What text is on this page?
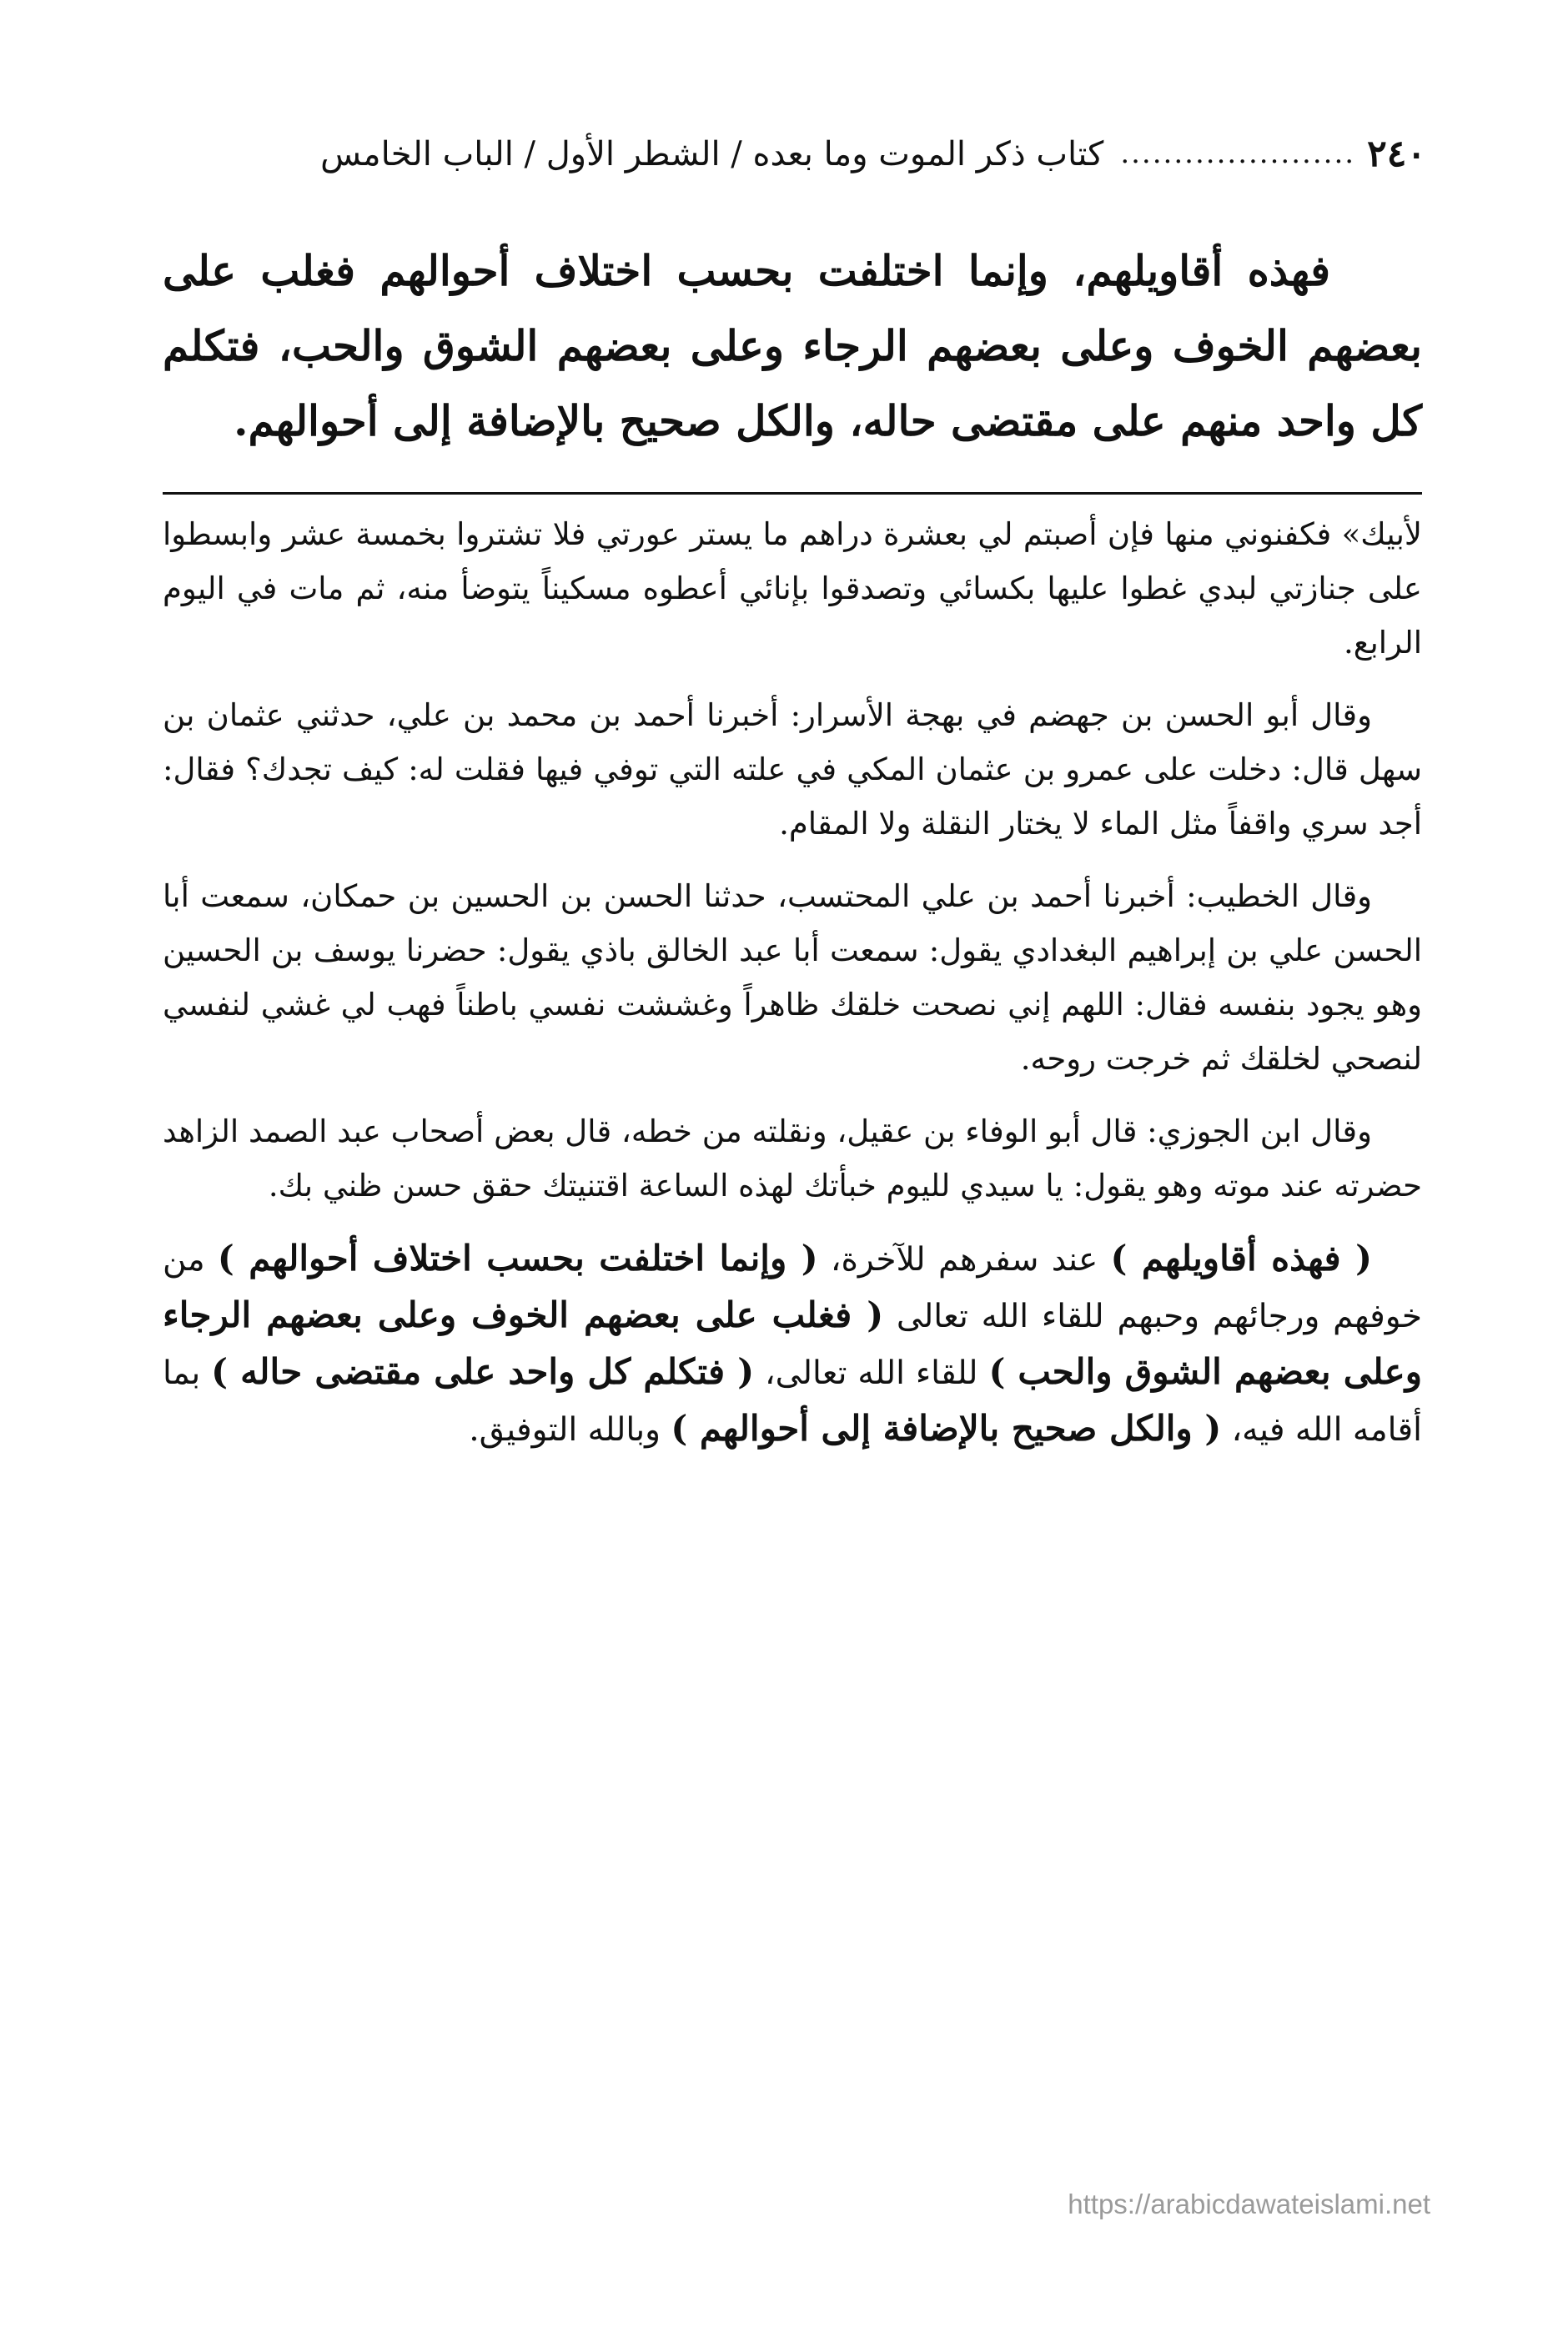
٢٤٠
......................
كتاب ذكر الموت وما بعده / الشطر الأول / الباب الخامس

فهذه أقاويلهم، وإنما اختلفت بحسب اختلاف أحوالهم فغلب على بعضهم الخوف وعلى بعضهم الرجاء وعلى بعضهم الشوق والحب، فتكلم كل واحد منهم على مقتضى حاله، والكل صحيح بالإضافة إلى أحوالهم.

لأبيك» فكفنوني منها فإن أصبتم لي بعشرة دراهم ما يستر عورتي فلا تشتروا بخمسة عشر وابسطوا على جنازتي لبدي غطوا عليها بكسائي وتصدقوا بإنائي أعطوه مسكيناً يتوضأ منه، ثم مات في اليوم الرابع.

وقال أبو الحسن بن جهضم في بهجة الأسرار: أخبرنا أحمد بن محمد بن علي، حدثني عثمان بن سهل قال: دخلت على عمرو بن عثمان المكي في علته التي توفي فيها فقلت له: كيف تجدك؟ فقال: أجد سري واقفاً مثل الماء لا يختار النقلة ولا المقام.

وقال الخطيب: أخبرنا أحمد بن علي المحتسب، حدثنا الحسن بن الحسين بن حمكان، سمعت أبا الحسن علي بن إبراهيم البغدادي يقول: سمعت أبا عبد الخالق باذي يقول: حضرنا يوسف بن الحسين وهو يجود بنفسه فقال: اللهم إني نصحت خلقك ظاهراً وغششت نفسي باطناً فهب لي غشي لنفسي لنصحي لخلقك ثم خرجت روحه.

وقال ابن الجوزي: قال أبو الوفاء بن عقيل، ونقلته من خطه، قال بعض أصحاب عبد الصمد الزاهد حضرته عند موته وهو يقول: يا سيدي لليوم خبأتك لهذه الساعة اقتنيتك حقق حسن ظني بك.

( فهذه أقاويلهم ) عند سفرهم للآخرة، ( وإنما اختلفت بحسب اختلاف أحوالهم ) من خوفهم ورجائهم وحبهم للقاء الله تعالى ( فغلب على بعضهم الخوف وعلى بعضهم الرجاء وعلى بعضهم الشوق والحب ) للقاء الله تعالى، ( فتكلم كل واحد على مقتضى حاله ) بما أقامه الله فيه، ( والكل صحيح بالإضافة إلى أحوالهم ) وبالله التوفيق.

https://arabicdawateislami.net
